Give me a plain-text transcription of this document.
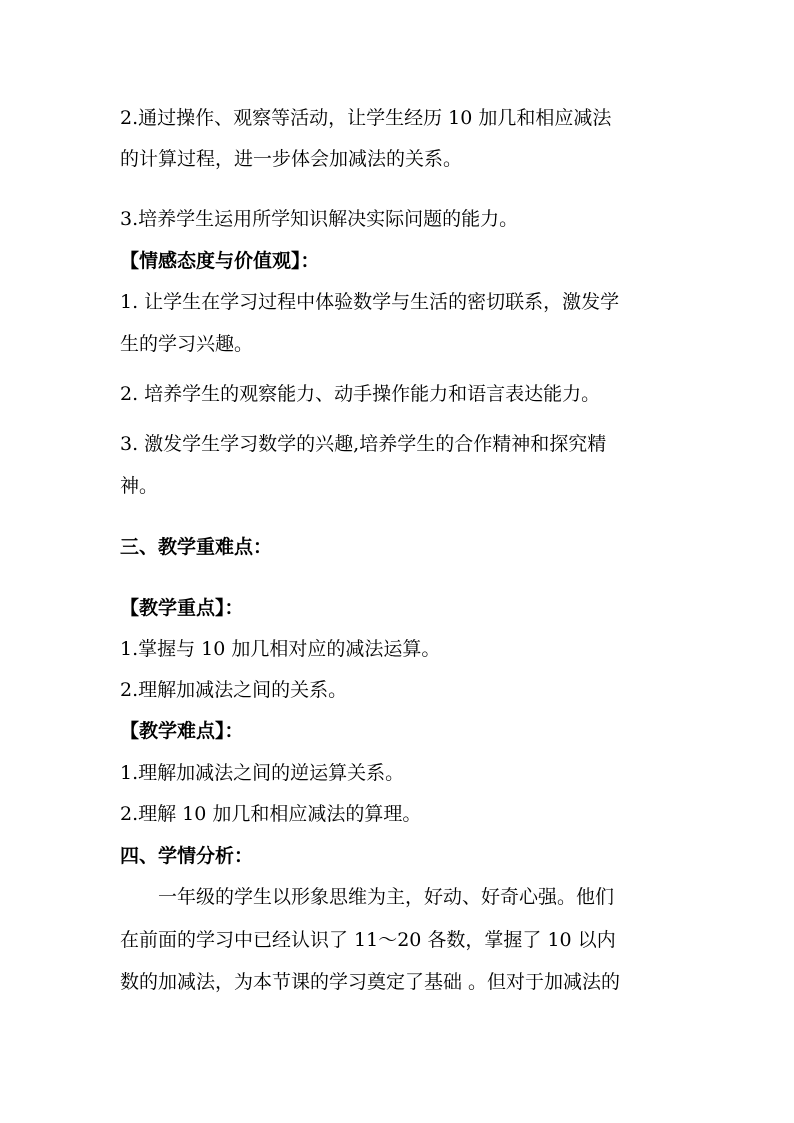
2.通过操作、观察等活动，让学生经历 10 加几和相应减法
的计算过程，进一步体会加减法的关系。
3.培养学生运用所学知识解决实际问题的能力。
【情感态度与价值观】：
1. 让学生在学习过程中体验数学与生活的密切联系，激发学
生的学习兴趣。
2. 培养学生的观察能力、动手操作能力和语言表达能力。
3. 激发学生学习数学的兴趣,培养学生的合作精神和探究精
神。
三、教学重难点：
【教学重点】：
1.掌握与 10 加几相对应的减法运算。
2.理解加减法之间的关系。
【教学难点】：
1.理解加减法之间的逆运算关系。
2.理解 10 加几和相应减法的算理。
四、学情分析：
一年级的学生以形象思维为主，好动、好奇心强。他们
在前面的学习中已经认识了 11～20 各数，掌握了 10 以内
数的加减法，为本节课的学习奠定了基础 。但对于加减法的
